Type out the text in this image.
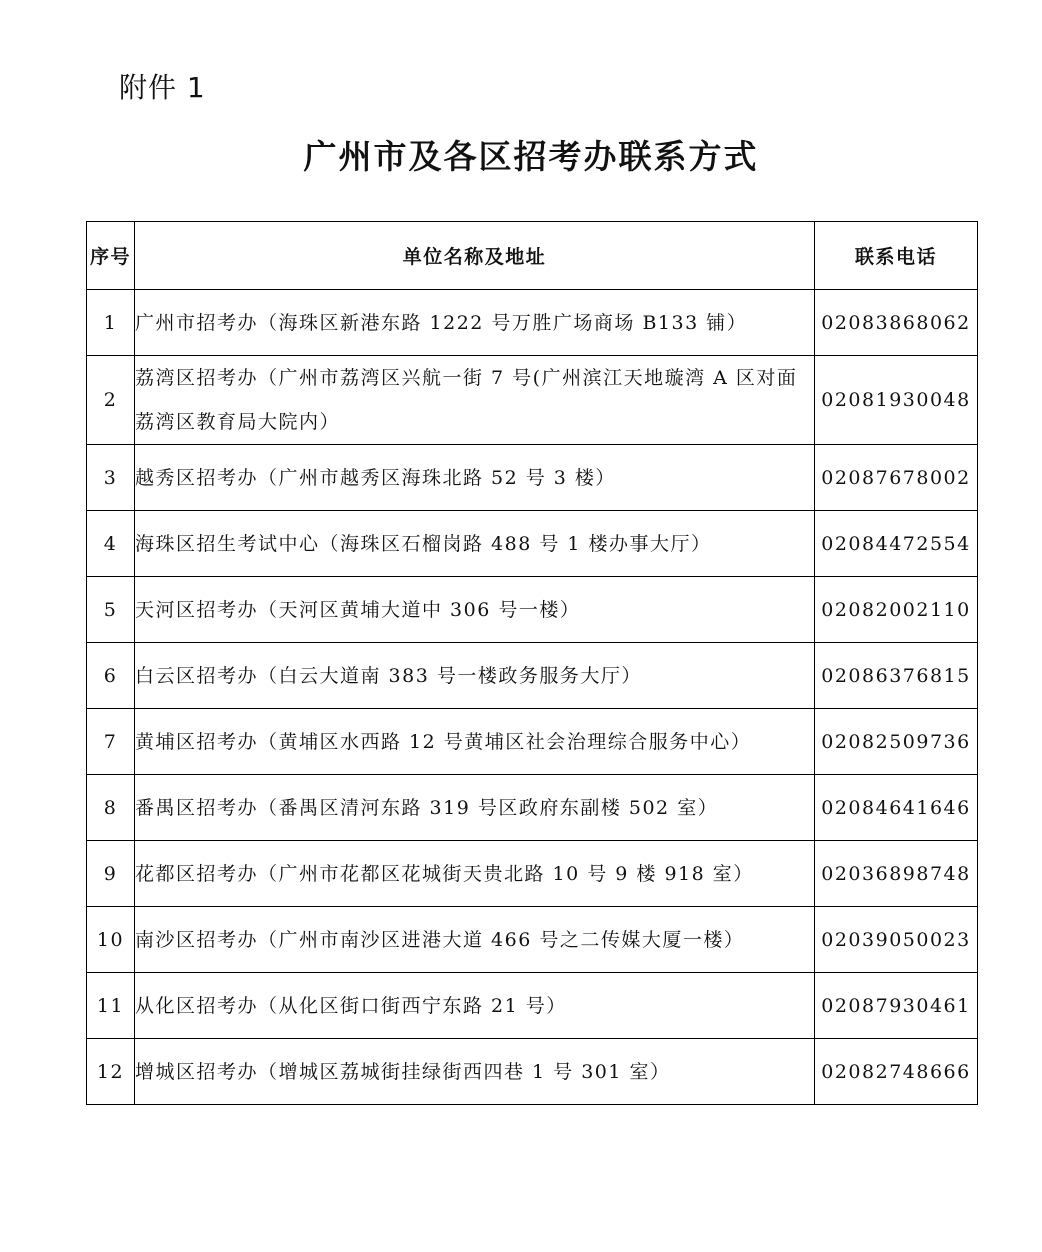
附件 1
广州市及各区招考办联系方式
序号	单位名称及地址	联系电话
1	广州市招考办（海珠区新港东路 1222 号万胜广场商场 B133 铺）	02083868062
2	荔湾区招考办（广州市荔湾区兴航一街 7 号(广州滨江天地璇湾 A 区对面荔湾区教育局大院内）	02081930048
3	越秀区招考办（广州市越秀区海珠北路 52 号 3 楼）	02087678002
4	海珠区招生考试中心（海珠区石榴岗路 488 号 1 楼办事大厅）	02084472554
5	天河区招考办（天河区黄埔大道中 306 号一楼）	02082002110
6	白云区招考办（白云大道南 383 号一楼政务服务大厅）	02086376815
7	黄埔区招考办（黄埔区水西路 12 号黄埔区社会治理综合服务中心）	02082509736
8	番禺区招考办（番禺区清河东路 319 号区政府东副楼 502 室）	02084641646
9	花都区招考办（广州市花都区花城街天贵北路 10 号 9 楼 918 室）	02036898748
10	南沙区招考办（广州市南沙区进港大道 466 号之二传媒大厦一楼）	02039050023
11	从化区招考办（从化区街口街西宁东路 21 号）	02087930461
12	增城区招考办（增城区荔城街挂绿街西四巷 1 号 301 室）	02082748666
